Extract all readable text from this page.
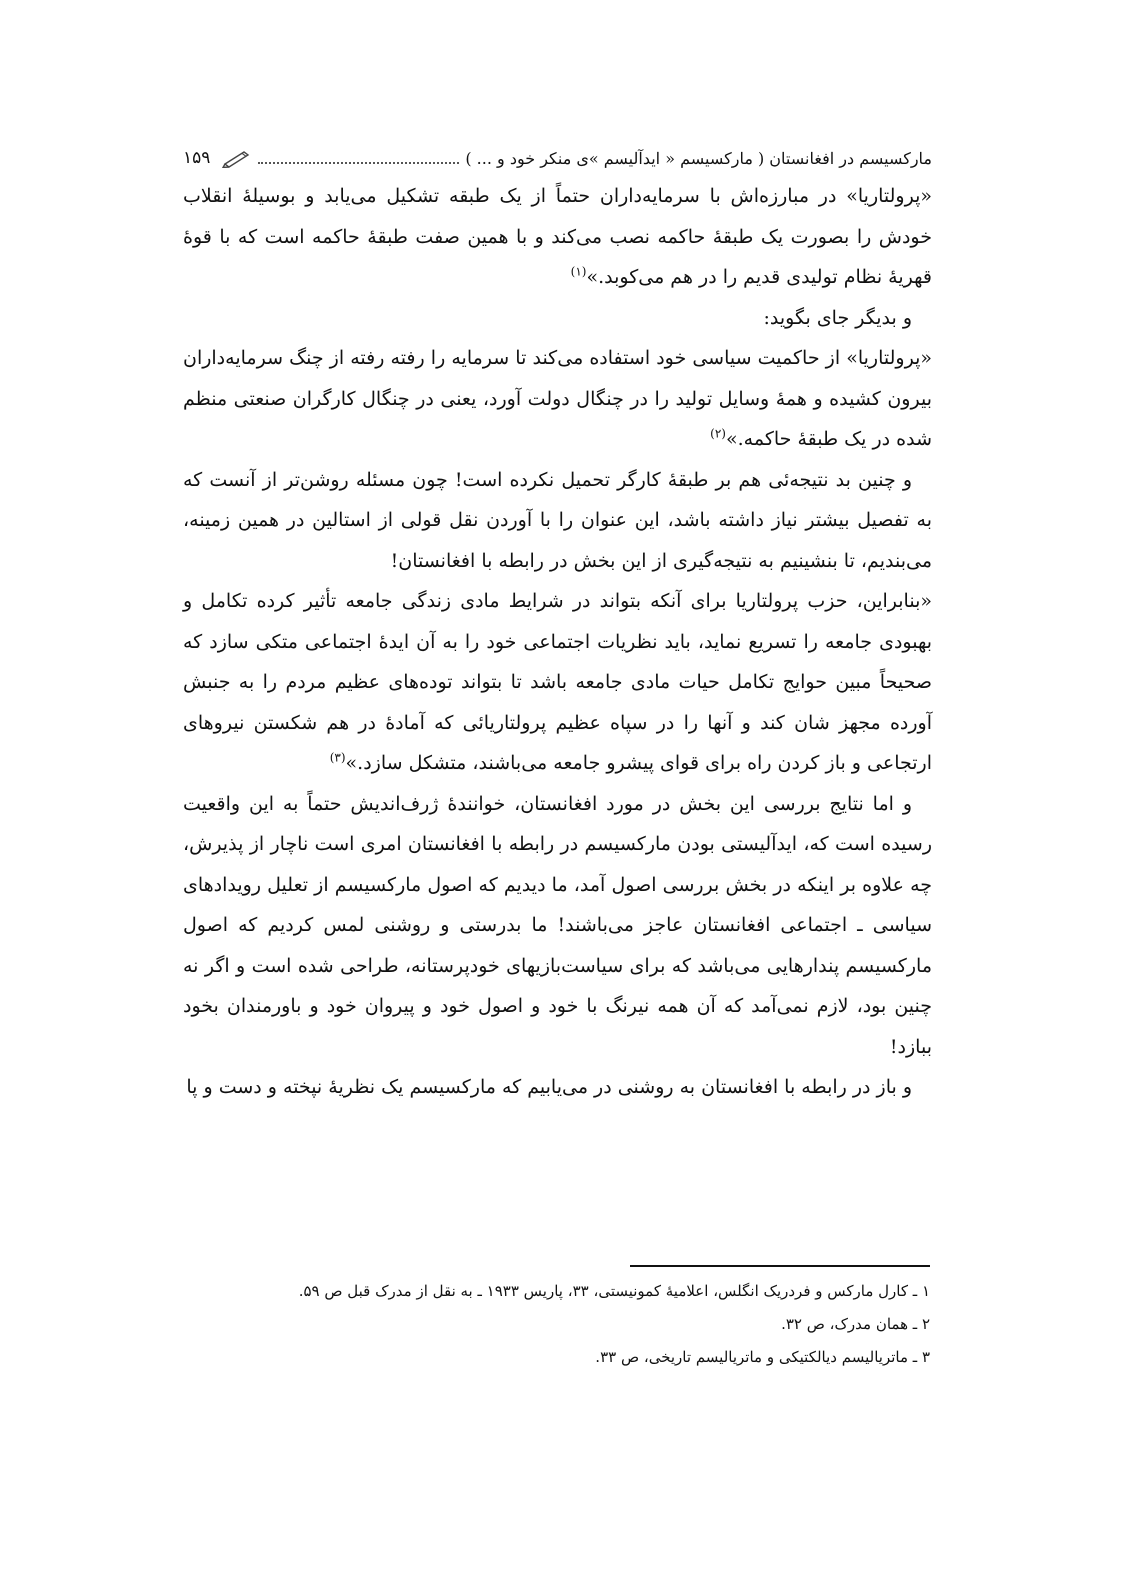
مارکسیسم در افغانستان ( مارکسیسم « ایدآلیسم »ی منکر خود و ... )
۱۵۹

«پرولتاریا» در مبارزه‌اش با سرمایه‌داران حتماً از یک طبقه تشکیل می‌یابد و بوسیلهٔ انقلاب خودش را بصورت یک طبقهٔ حاکمه نصب می‌کند و با همین صفت طبقهٔ حاکمه است که با قوهٔ قهریهٔ نظام تولیدی قدیم را در هم می‌کوبد.»$^{(۱)}$

و بدیگر جای بگوید:

«پرولتاریا» از حاکمیت سیاسی خود استفاده می‌کند تا سرمایه را رفته رفته از چنگ سرمایه‌داران بیرون کشیده و همهٔ وسایل تولید را در چنگال دولت آورد، یعنی در چنگال کارگران صنعتی منظم شده در یک طبقهٔ حاکمه.»$^{(۲)}$

و چنین بد نتیجه‌ئی هم بر طبقهٔ کارگر تحمیل نکرده است! چون مسئله روشن‌تر از آنست که به تفصیل بیشتر نیاز داشته باشد، این عنوان را با آوردن نقل قولی از استالین در همین زمینه، می‌بندیم، تا بنشینیم به نتیجه‌گیری از این بخش در رابطه با افغانستان!

«بنابراین، حزب پرولتاریا برای آنکه بتواند در شرایط مادی زندگی جامعه تأثیر کرده تکامل و بهبودی جامعه را تسریع نماید، باید نظریات اجتماعی خود را به آن ایدهٔ اجتماعی متکی سازد که صحیحاً مبین حوایج تکامل حیات مادی جامعه باشد تا بتواند توده‌های عظیم مردم را به جنبش آورده مجهز شان کند و آنها را در سپاه عظیم پرولتاریائی که آمادهٔ در هم شکستن نیروهای ارتجاعی و باز کردن راه برای قوای پیشرو جامعه می‌باشند، متشکل سازد.»$^{(۳)}$

و اما نتایج بررسی این بخش در مورد افغانستان، خوانندهٔ ژرف‌اندیش حتماً به این واقعیت رسیده است که، ایدآلیستی بودن مارکسیسم در رابطه با افغانستان امری است ناچار از پذیرش، چه علاوه بر اینکه در بخش بررسی اصول آمد، ما دیدیم که اصول مارکسیسم از تعلیل رویدادهای سیاسی ـ اجتماعی افغانستان عاجز می‌باشند! ما بدرستی و روشنی لمس کردیم که اصول مارکسیسم پندارهایی می‌باشد که برای سیاست‌بازیهای خودپرستانه، طراحی شده است و اگر نه چنین بود، لازم نمی‌آمد که آن همه نیرنگ با خود و اصول خود و پیروان خود و باورمندان بخود ببازد!

و باز در رابطه با افغانستان به روشنی در می‌یابیم که مارکسیسم یک نظریهٔ نپخته و دست و پا

۱ ـ کارل مارکس و فردریک انگلس، اعلامیهٔ کمونیستی، ۳۳، پاریس ۱۹۳۳ ـ به نقل از مدرک قبل ص ۵۹.
۲ ـ همان مدرک، ص ۳۲.
۳ ـ ماتریالیسم دیالکتیکی و ماتریالیسم تاریخی، ص ۳۳.
